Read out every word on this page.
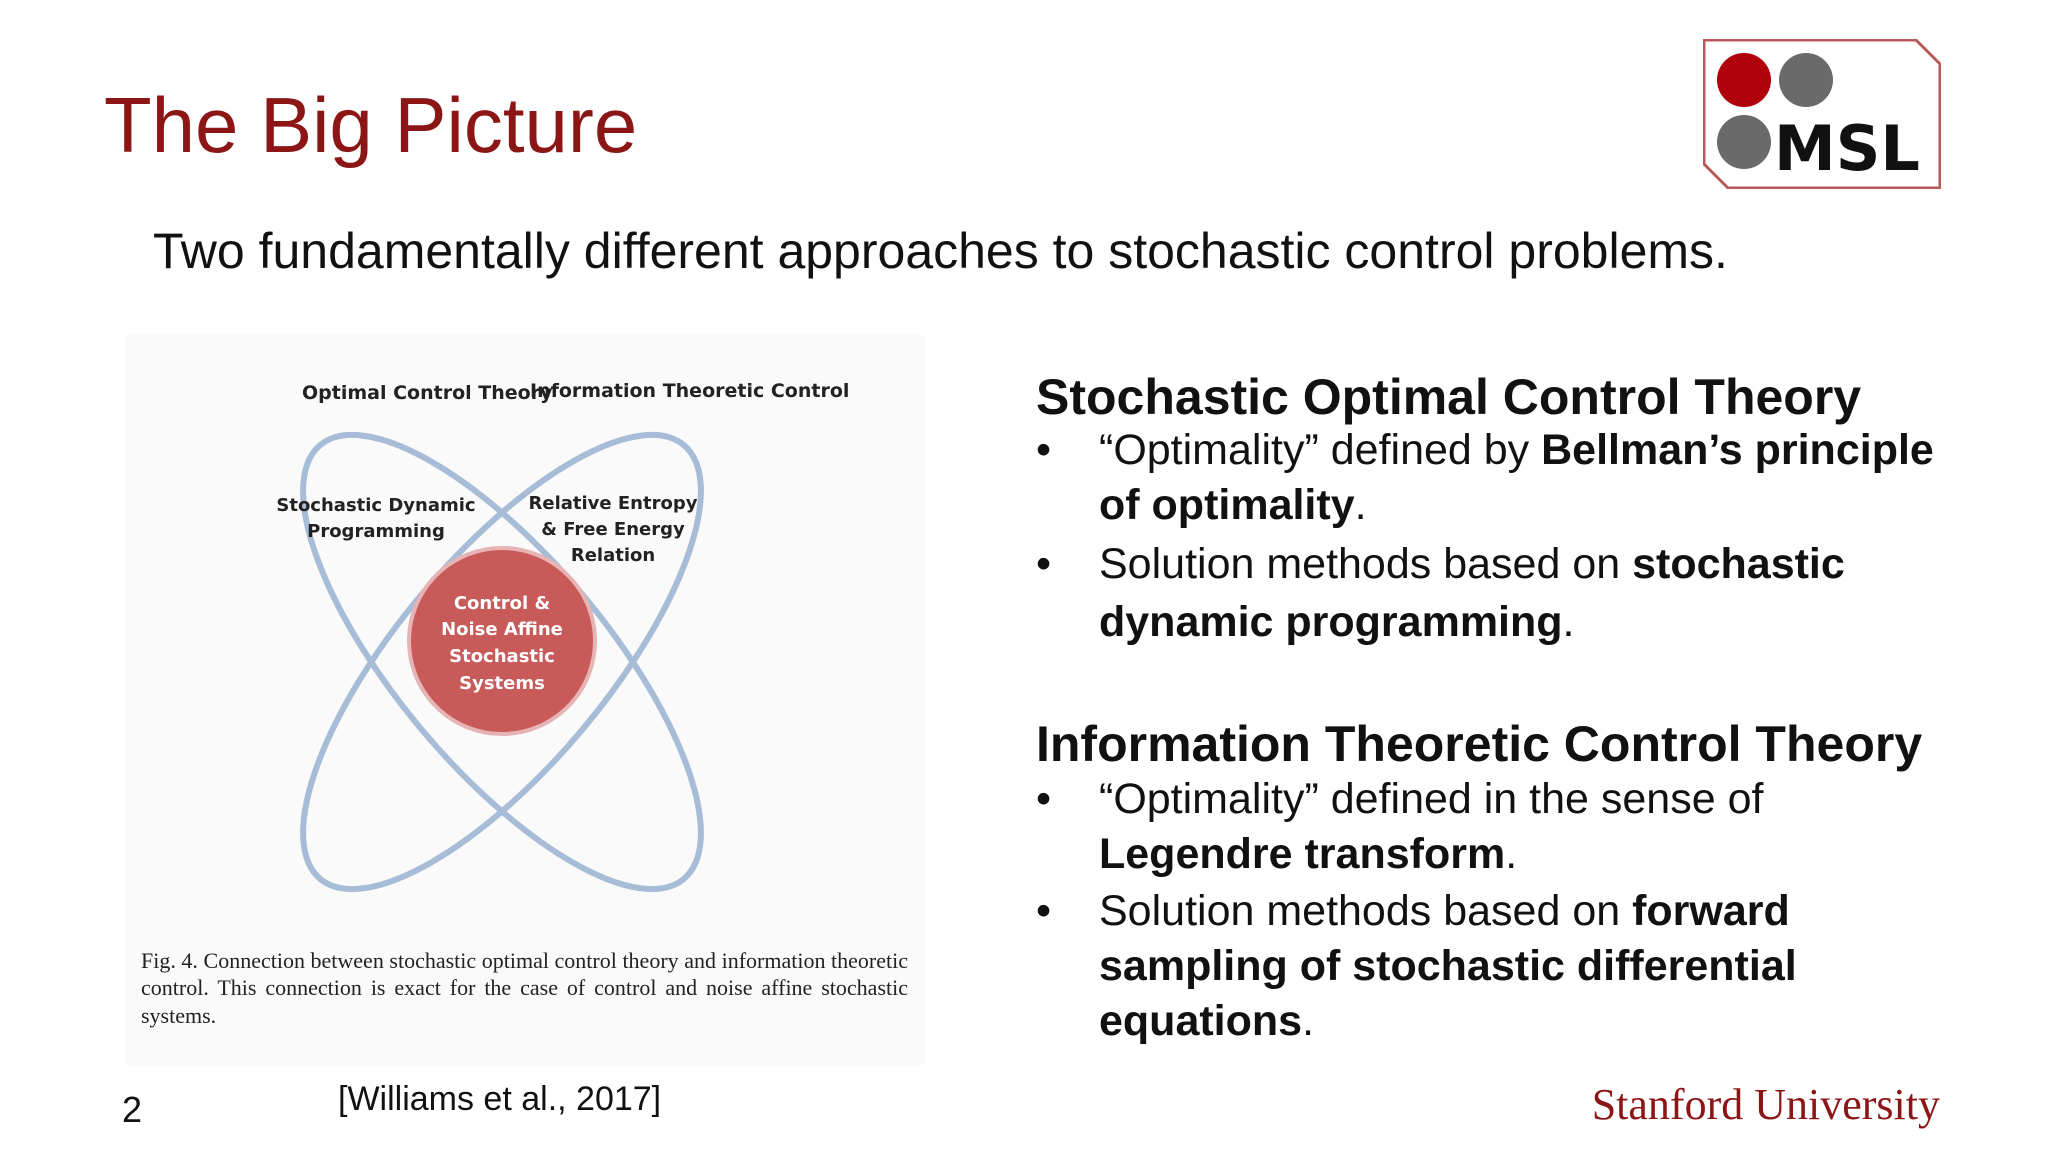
The Big Picture	MSL

Two fundamentally different approaches to stochastic control problems.

Optimal Control Theory
Information Theoretic Control
Stochastic Dynamic
Programming
Relative Entropy
& Free Energy
Relation
Control &
Noise Affine
Stochastic
Systems

Fig. 4. Connection between stochastic optimal control theory and information theoretic control. This connection is exact for the case of control and noise affine stochastic systems.

Stochastic Optimal Control Theory
• “Optimality” defined by Bellman’s principle of optimality.
• Solution methods based on stochastic dynamic programming.
Information Theoretic Control Theory
• “Optimality” defined in the sense of Legendre transform.
• Solution methods based on forward sampling of stochastic differential equations.
2	[Williams et al., 2017]	Stanford University
